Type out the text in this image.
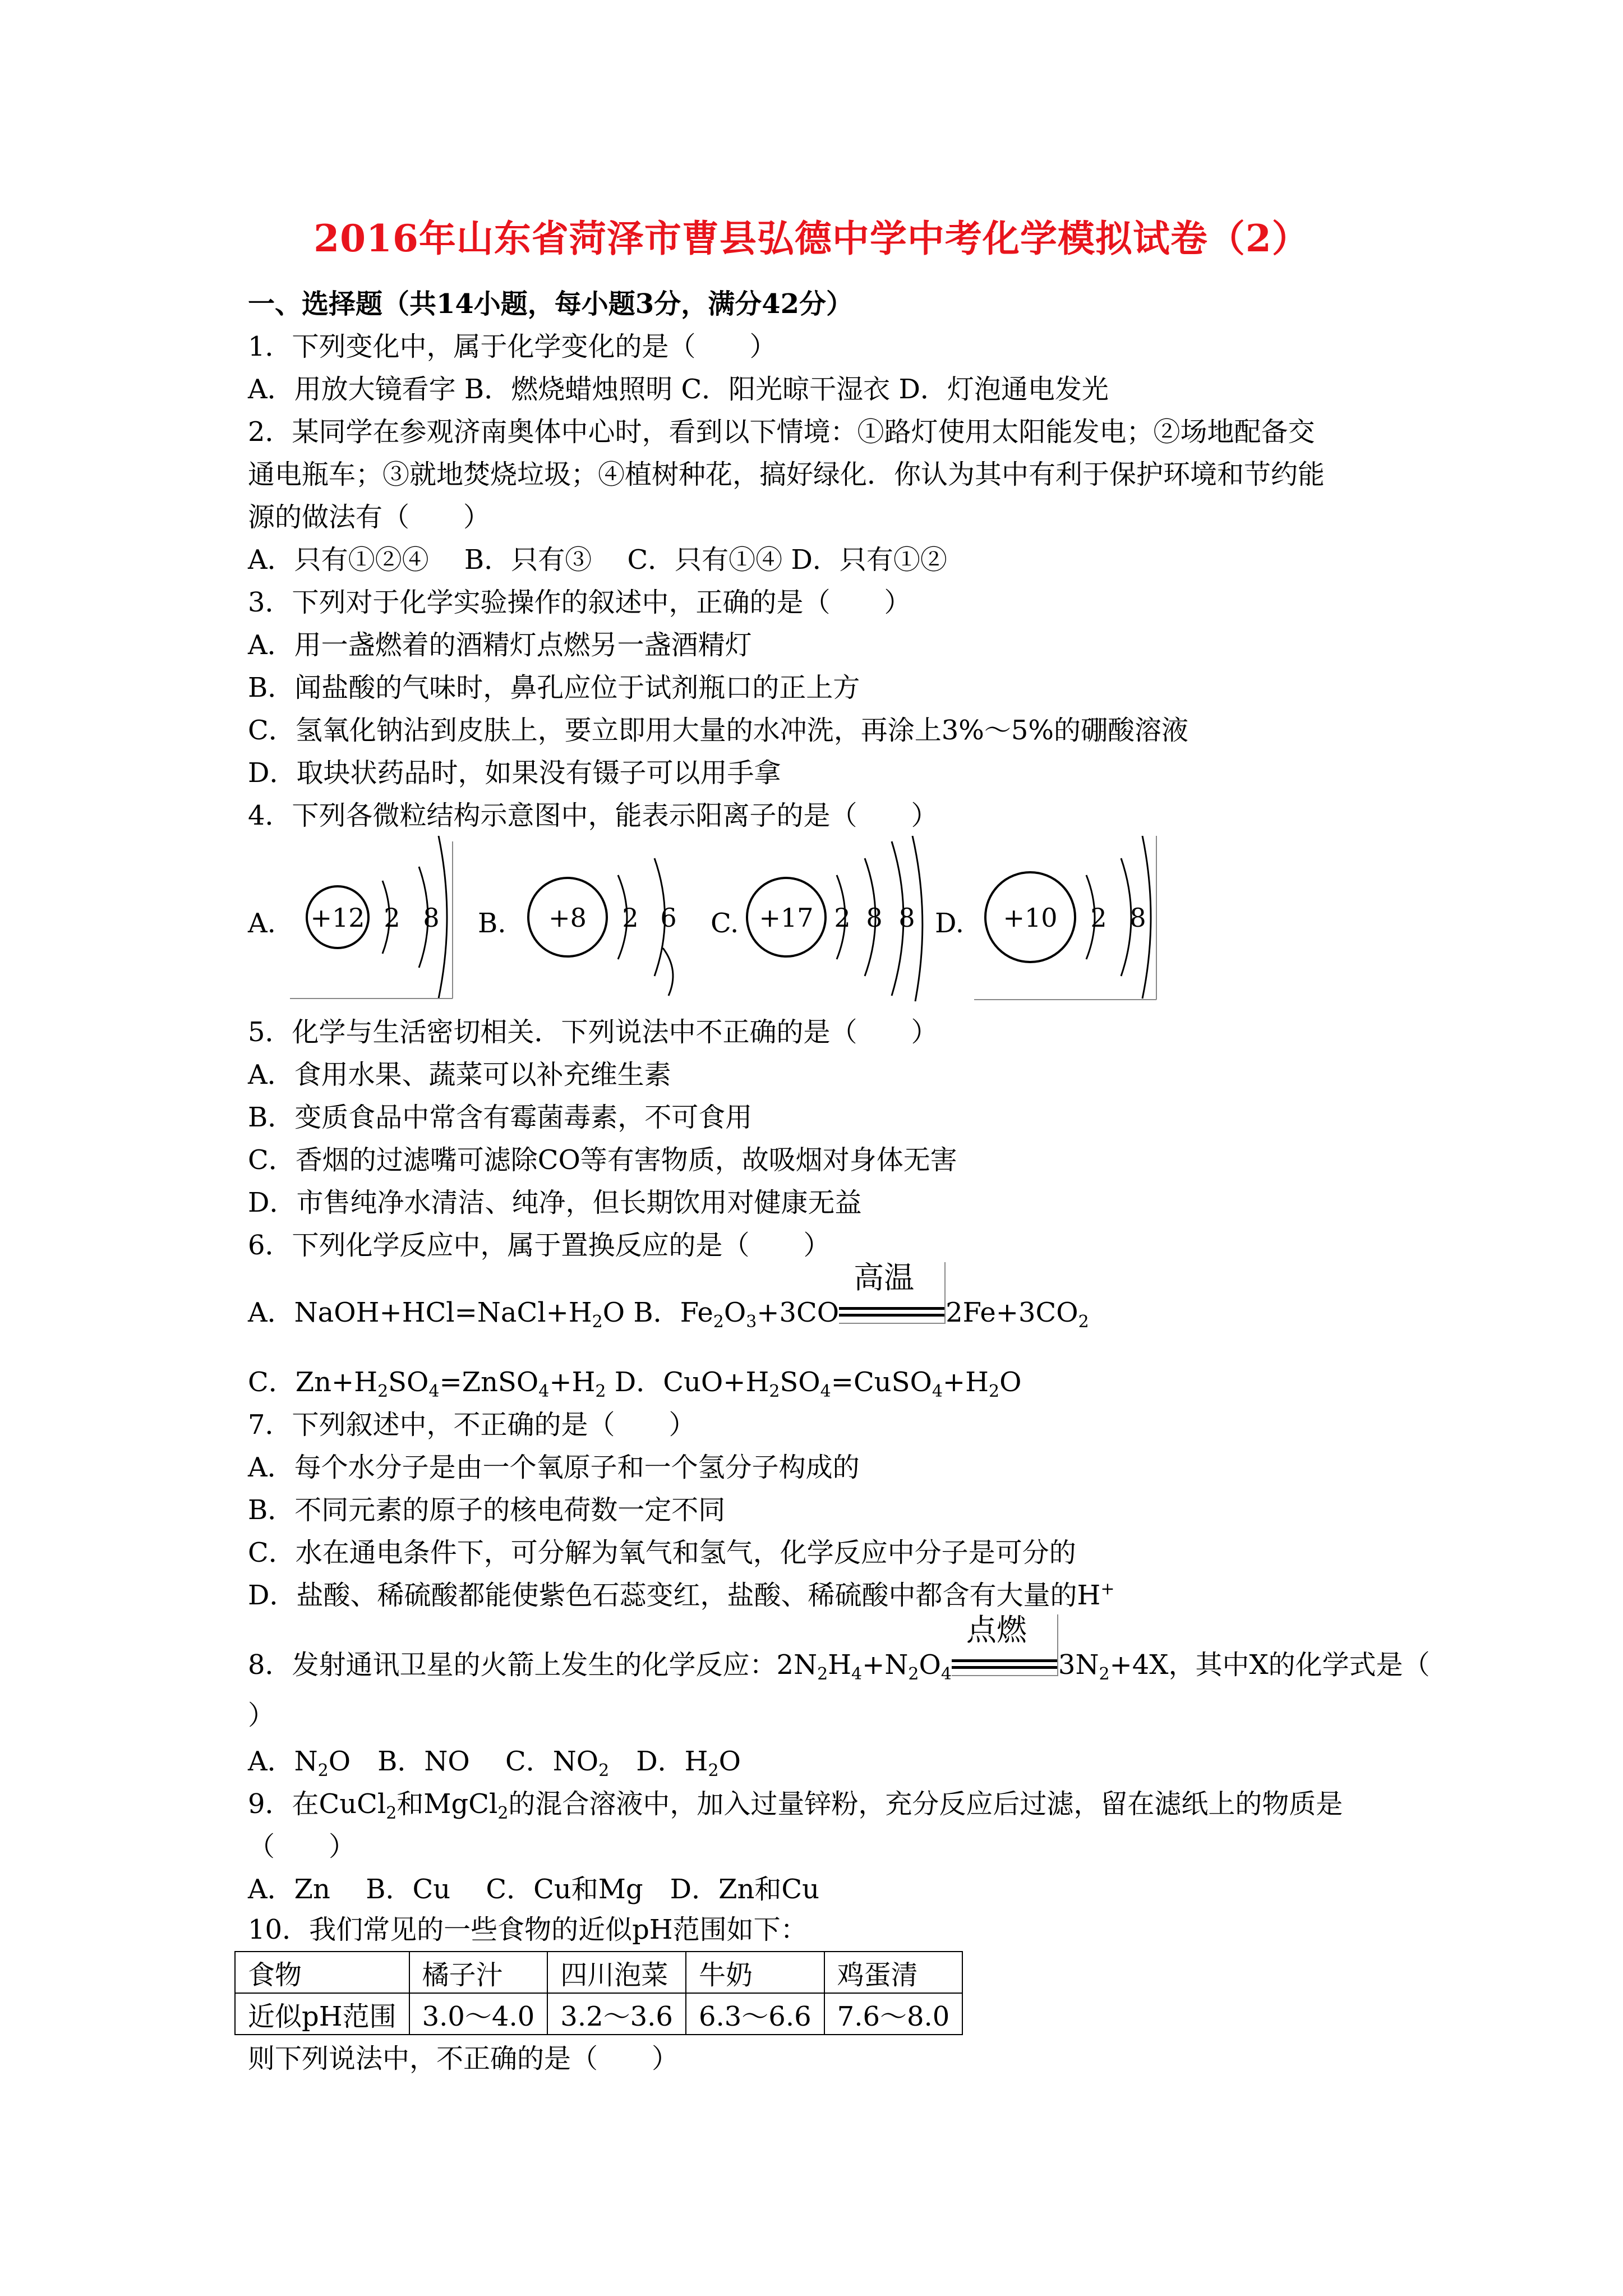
2016年山东省菏泽市曹县弘德中学中考化学模拟试卷（2）
一、选择题（共14小题，每小题3分，满分42分）
1．下列变化中，属于化学变化的是（　　）
A．用放大镜看字 B．燃烧蜡烛照明 C．阳光晾干湿衣 D．灯泡通电发光
2．某同学在参观济南奥体中心时，看到以下情境：①路灯使用太阳能发电；②场地配备交
通电瓶车；③就地焚烧垃圾；④植树种花，搞好绿化．你认为其中有利于保护环境和节约能
源的做法有（　　）
A．只有①②④　 B．只有③　 C．只有①④ D．只有①②
3．下列对于化学实验操作的叙述中，正确的是（　　）
A．用一盏燃着的酒精灯点燃另一盏酒精灯
B．闻盐酸的气味时，鼻孔应位于试剂瓶口的正上方
C．氢氧化钠沾到皮肤上，要立即用大量的水冲洗，再涂上3%～5%的硼酸溶液
D．取块状药品时，如果没有镊子可以用手拿
4．下列各微粒结构示意图中，能表示阳离子的是（　　）
A. +12 2 8 B. +8 2 6 C. +17 2 8 8 D. +10 2 8
5．化学与生活密切相关．下列说法中不正确的是（　　）
A．食用水果、蔬菜可以补充维生素
B．变质食品中常含有霉菌毒素，不可食用
C．香烟的过滤嘴可滤除CO等有害物质，故吸烟对身体无害
D．市售纯净水清洁、纯净，但长期饮用对健康无益
6．下列化学反应中，属于置换反应的是（　　）
A．$NaOH+HCl=NaCl+H_2O$ B．$Fe_2O_3+3CO$
高温
$2Fe+3CO_2$
C．$Zn+H_2SO_4=ZnSO_4+H_2$ D．$CuO+H_2SO_4=CuSO_4+H_2O$
7．下列叙述中，不正确的是（　　）
A．每个水分子是由一个氧原子和一个氢分子构成的
B．不同元素的原子的核电荷数一定不同
C．水在通电条件下，可分解为氧气和氢气，化学反应中分子是可分的
D．盐酸、稀硫酸都能使紫色石蕊变红，盐酸、稀硫酸中都含有大量的H+
8．发射通讯卫星的火箭上发生的化学反应：$2N_2H_4+N_2O_4$
点燃
$3N_2+4X$，其中X的化学式是（
）
A．$N_2O$　B．NO　 C．$NO_2$　D．$H_2O$
9．在CuCl$_2$和MgCl$_2$的混合溶液中，加入过量锌粉，充分反应后过滤，留在滤纸上的物质是
（　　）
A．Zn　 B．Cu　 C．Cu和Mg　D．Zn和Cu
10．我们常见的一些食物的近似pH范围如下：
食物	橘子汁	四川泡菜	牛奶	鸡蛋清
近似pH范围	3.0～4.0	3.2～3.6	6.3～6.6	7.6～8.0
则下列说法中，不正确的是（　　）
